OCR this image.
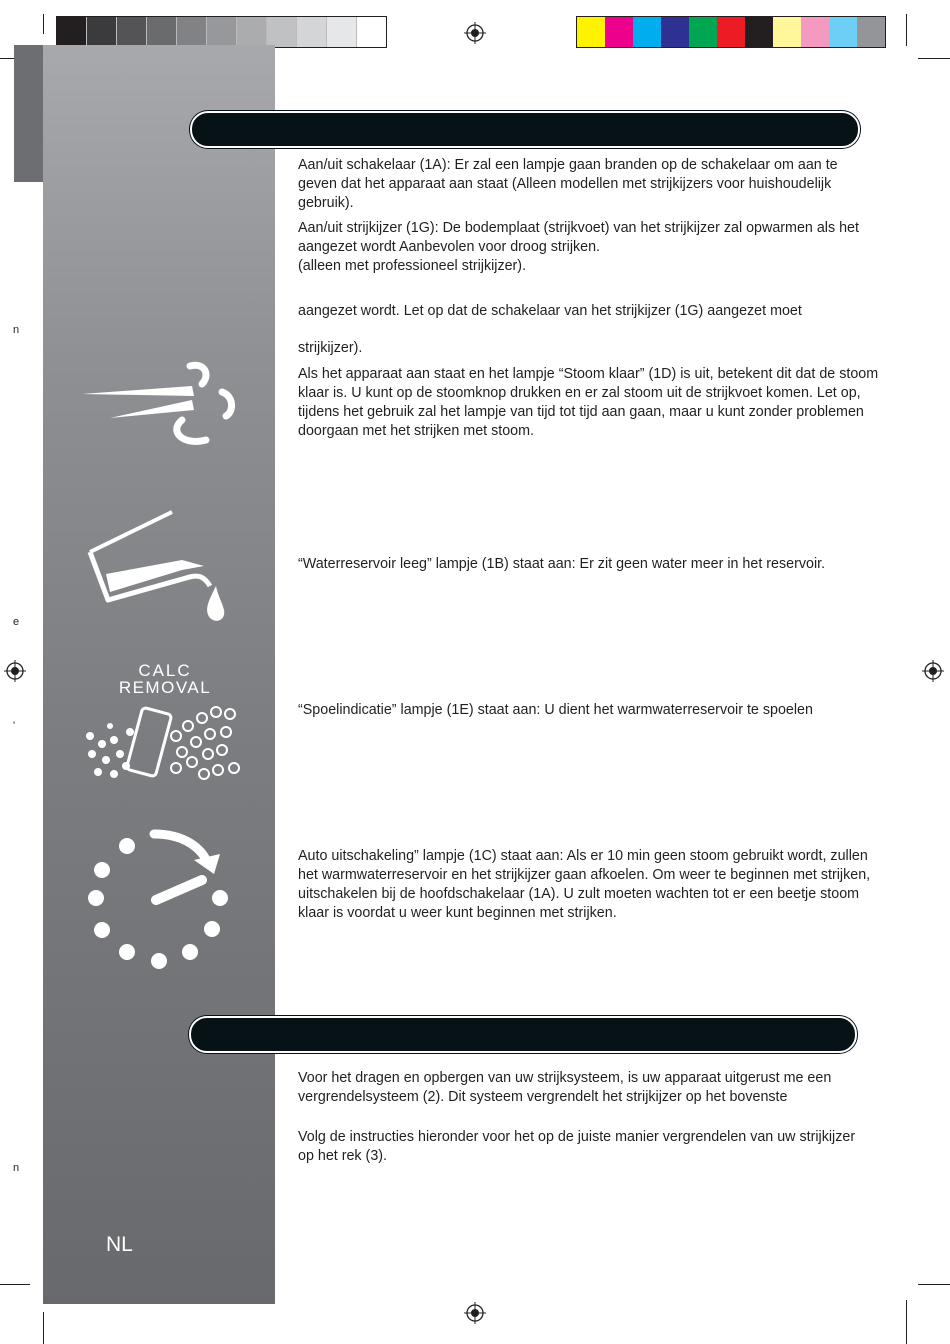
n
e
'
n
CALC
REMOVAL
NL

Aan/uit schakelaar (1A): Er zal een lampje gaan branden op de schakelaar om aan te geven dat het apparaat aan staat (Alleen modellen met strijkijzers voor huishoudelijk gebruik).

Aan/uit strijkijzer (1G): De bodemplaat (strijkvoet) van het strijkijzer zal opwarmen als het aangezet wordt Aanbevolen voor droog strijken.

(alleen met professioneel strijkijzer).

aangezet wordt. Let op dat de schakelaar van het strijkijzer (1G) aangezet moet

strijkijzer).

Als het apparaat aan staat en het lampje “Stoom klaar” (1D) is uit, betekent dit dat de stoom klaar is. U kunt op de stoomknop drukken en er zal stoom uit de strijkvoet komen. Let op, tijdens het gebruik zal het lampje van tijd tot tijd aan gaan, maar u kunt zonder problemen doorgaan met het strijken met stoom.

“Waterreservoir leeg” lampje (1B) staat aan: Er zit geen water meer in het reservoir.

“Spoelindicatie” lampje (1E) staat aan: U dient het warmwaterreservoir te spoelen

Auto uitschakeling” lampje (1C) staat aan: Als er 10 min geen stoom gebruikt wordt, zullen het warmwaterreservoir en het strijkijzer gaan afkoelen. Om weer te beginnen met strijken, uitschakelen bij de hoofdschakelaar (1A). U zult moeten wachten tot er een beetje stoom klaar is voordat u weer kunt beginnen met strijken.

Voor het dragen en opbergen van uw strijksysteem, is uw apparaat uitgerust me een vergrendelsysteem (2). Dit systeem vergrendelt het strijkijzer op het bovenste

Volg de instructies hieronder voor het op de juiste manier vergrendelen van uw strijkijzer op het rek (3).
